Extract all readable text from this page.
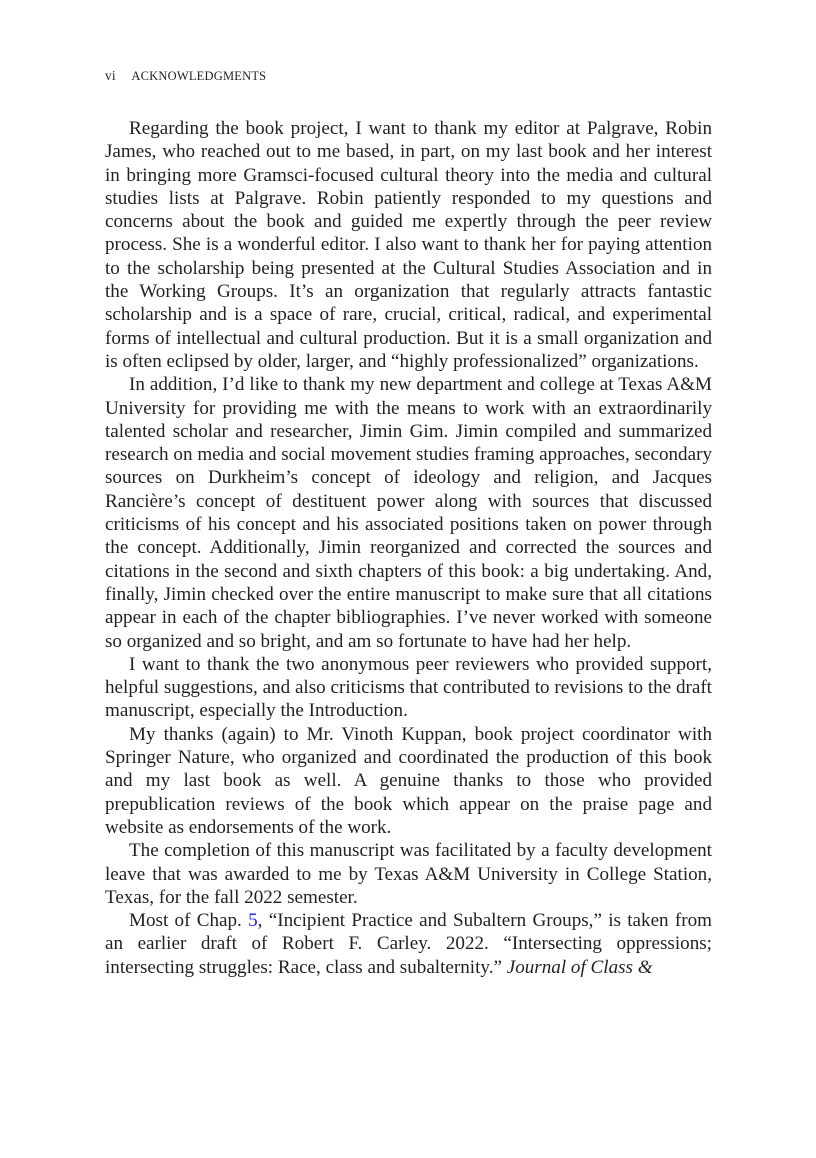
vi ACKNOWLEDGMENTS

Regarding the book project, I want to thank my editor at Palgrave, Robin James, who reached out to me based, in part, on my last book and her interest in bringing more Gramsci-focused cultural theory into the media and cultural studies lists at Palgrave. Robin patiently responded to my questions and concerns about the book and guided me expertly through the peer review process. She is a wonderful editor. I also want to thank her for paying attention to the scholarship being presented at the Cultural Studies Association and in the Working Groups. It’s an organization that regularly attracts fantastic scholarship and is a space of rare, crucial, critical, radical, and experimental forms of intellectual and cultural production. But it is a small organization and is often eclipsed by older, larger, and “highly professionalized” organizations.

In addition, I’d like to thank my new department and college at Texas A&M University for providing me with the means to work with an extraordinarily talented scholar and researcher, Jimin Gim. Jimin compiled and summarized research on media and social movement studies framing approaches, secondary sources on Durkheim’s concept of ideology and religion, and Jacques Rancière’s concept of destituent power along with sources that discussed criticisms of his concept and his associated positions taken on power through the concept. Additionally, Jimin reorganized and corrected the sources and citations in the second and sixth chapters of this book: a big undertaking. And, finally, Jimin checked over the entire manuscript to make sure that all citations appear in each of the chapter bibliographies. I’ve never worked with someone so organized and so bright, and am so fortunate to have had her help.

I want to thank the two anonymous peer reviewers who provided support, helpful suggestions, and also criticisms that contributed to revisions to the draft manuscript, especially the Introduction.

My thanks (again) to Mr. Vinoth Kuppan, book project coordinator with Springer Nature, who organized and coordinated the production of this book and my last book as well. A genuine thanks to those who provided prepublication reviews of the book which appear on the praise page and website as endorsements of the work.

The completion of this manuscript was facilitated by a faculty development leave that was awarded to me by Texas A&M University in College Station, Texas, for the fall 2022 semester.

Most of Chap. 5, “Incipient Practice and Subaltern Groups,” is taken from an earlier draft of Robert F. Carley. 2022. “Intersecting oppressions; intersecting struggles: Race, class and subalternity.” Journal of Class &
